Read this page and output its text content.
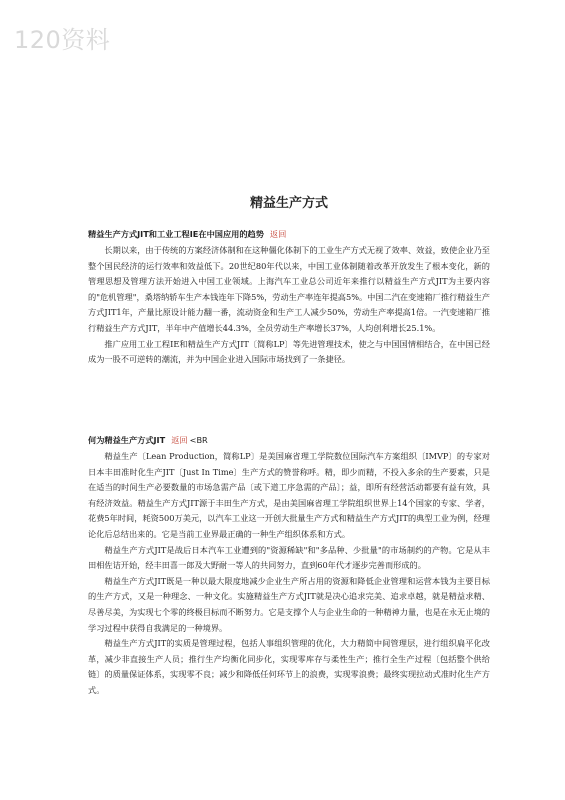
120资料
精益生产方式

精益生产方式JIT和工业工程IE在中国应用的趋势 返回

长期以来，由于传统的方案经济体制和在这种僵化体制下的工业生产方式无视了效率、效益，致使企业乃至整个国民经济的运行效率和效益低下。20世纪80年代以来，中国工业体制随着改革开放发生了根本变化，新的管理思想及管理方法开始进入中国工业领域。上海汽车工业总公司近年来推行以精益生产方式JIT为主要内容的"危机管理"，桑塔纳轿车生产本钱连年下降5%，劳动生产率连年提高5%。中国二汽在变速箱厂推行精益生产方式JIT1年，产量比原设计能力翻一番，流动资金和生产工人减少50%，劳动生产率提高1倍。一汽变速箱厂推行精益生产方式JIT，半年中产值增长44.3%，全员劳动生产率增长37%，人均创利增长25.1%。

推广应用工业工程IE和精益生产方式JIT〔简称LP〕等先进管理技术，使之与中国国情相结合，在中国已经成为一股不可逆转的潮流，并为中国企业进入国际市场找到了一条捷径。

何为精益生产方式JIT 返回 <BR

精益生产〔Lean Production，简称LP〕是美国麻省理工学院数位国际汽车方案组织〔IMVP〕的专家对日本丰田准时化生产JIT〔Just In Time〕生产方式的赞誉称呼。精，即少而精，不投入多余的生产要素，只是在适当的时间生产必要数量的市场急需产品〔或下道工序急需的产品〕；益，即所有经营活动都要有益有效，具有经济效益。精益生产方式JIT源于丰田生产方式，是由美国麻省理工学院组织世界上14个国家的专家、学者，花费5年时间，耗资500万美元，以汽车工业这一开创大批量生产方式和精益生产方式JIT的典型工业为例，经理论化后总结出来的。它是当前工业界最正确的一种生产组织体系和方式。

精益生产方式JIT是战后日本汽车工业遭到的"资源稀缺"和"多品种、少批量"的市场制约的产物。它是从丰田相佐诘开始，经丰田喜一郎及大野耐一等人的共同努力，直到60年代才逐步完善而形成的。

精益生产方式JIT既是一种以最大限度地减少企业生产所占用的资源和降低企业管理和运营本钱为主要目标的生产方式，又是一种理念、一种文化。实施精益生产方式JIT就是决心追求完美、追求卓越，就是精益求精、尽善尽美，为实现七个零的终极目标而不断努力。它是支撑个人与企业生命的一种精神力量，也是在永无止境的学习过程中获得自我满足的一种境界。

精益生产方式JIT的实质是管理过程，包括人事组织管理的优化，大力精简中间管理层，进行组织扁平化改革，减少非直接生产人员；推行生产均衡化同步化，实现零库存与柔性生产；推行全生产过程〔包括整个供给链〕的质量保证体系，实现零不良；减少和降低任何环节上的浪费，实现零浪费；最终实现拉动式准时化生产方式。
